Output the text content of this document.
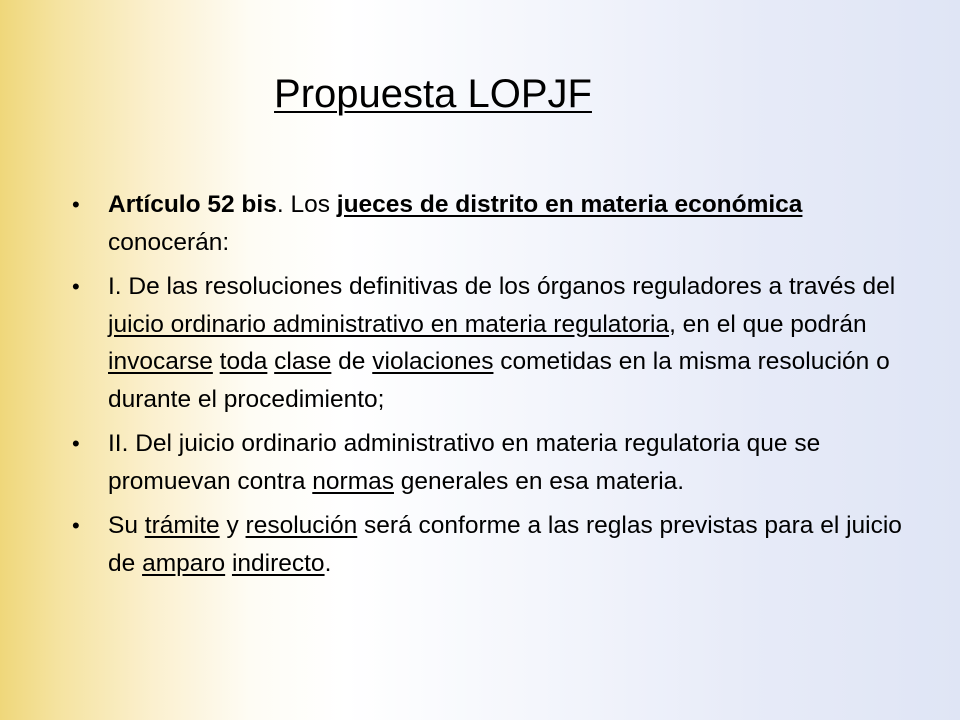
Propuesta LOPJF
• Artículo 52 bis. Los jueces de distrito en materia económica conocerán:
• I. De las resoluciones definitivas de los órganos reguladores a través del juicio ordinario administrativo en materia regulatoria, en el que podrán invocarse toda clase de violaciones cometidas en la misma resolución o durante el procedimiento;
• II. Del juicio ordinario administrativo en materia regulatoria que se promuevan contra normas generales en esa materia.
• Su trámite y resolución será conforme a las reglas previstas para el juicio de amparo indirecto.
